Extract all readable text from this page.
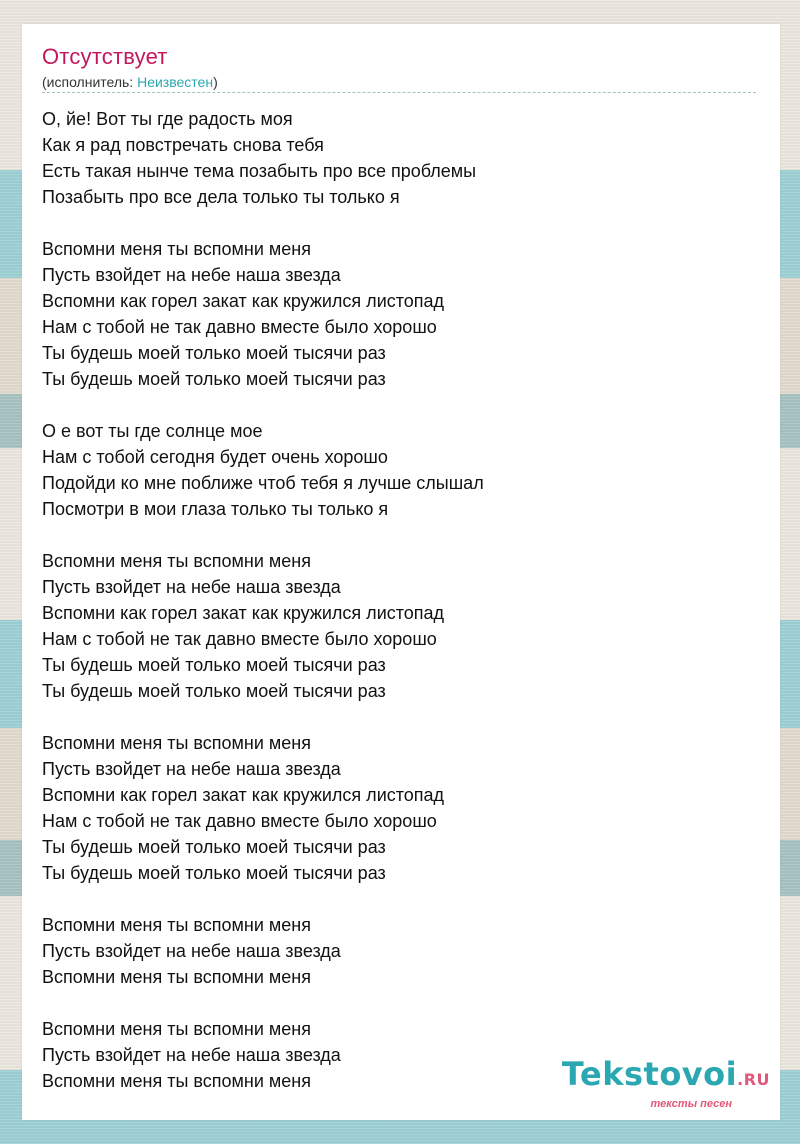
Отсутствует
(исполнитель: Неизвестен)
О, йе! Вот ты где радость моя
Как я рад повстречать снова тебя
Есть такая нынче тема позабыть про все проблемы
Позабыть про все дела только ты только я
Вспомни меня ты вспомни меня
Пусть взойдет на небе наша звезда
Вспомни как горел закат как кружился листопад
Нам с тобой не так давно вместе было хорошо
Ты будешь моей только моей тысячи раз
Ты будешь моей только моей тысячи раз
О е вот ты где солнце мое
Нам с тобой сегодня будет очень хорошо
Подойди ко мне поближе чтоб тебя я лучше слышал
Посмотри в мои глаза только ты только я
Вспомни меня ты вспомни меня
Пусть взойдет на небе наша звезда
Вспомни как горел закат как кружился листопад
Нам с тобой не так давно вместе было хорошо
Ты будешь моей только моей тысячи раз
Ты будешь моей только моей тысячи раз
Вспомни меня ты вспомни меня
Пусть взойдет на небе наша звезда
Вспомни как горел закат как кружился листопад
Нам с тобой не так давно вместе было хорошо
Ты будешь моей только моей тысячи раз
Ты будешь моей только моей тысячи раз
Вспомни меня ты вспомни меня
Пусть взойдет на небе наша звезда
Вспомни меня ты вспомни меня
Вспомни меня ты вспомни меня
Пусть взойдет на небе наша звезда
Вспомни меня ты вспомни меня	Tekstovoi.RU
тексты песен
